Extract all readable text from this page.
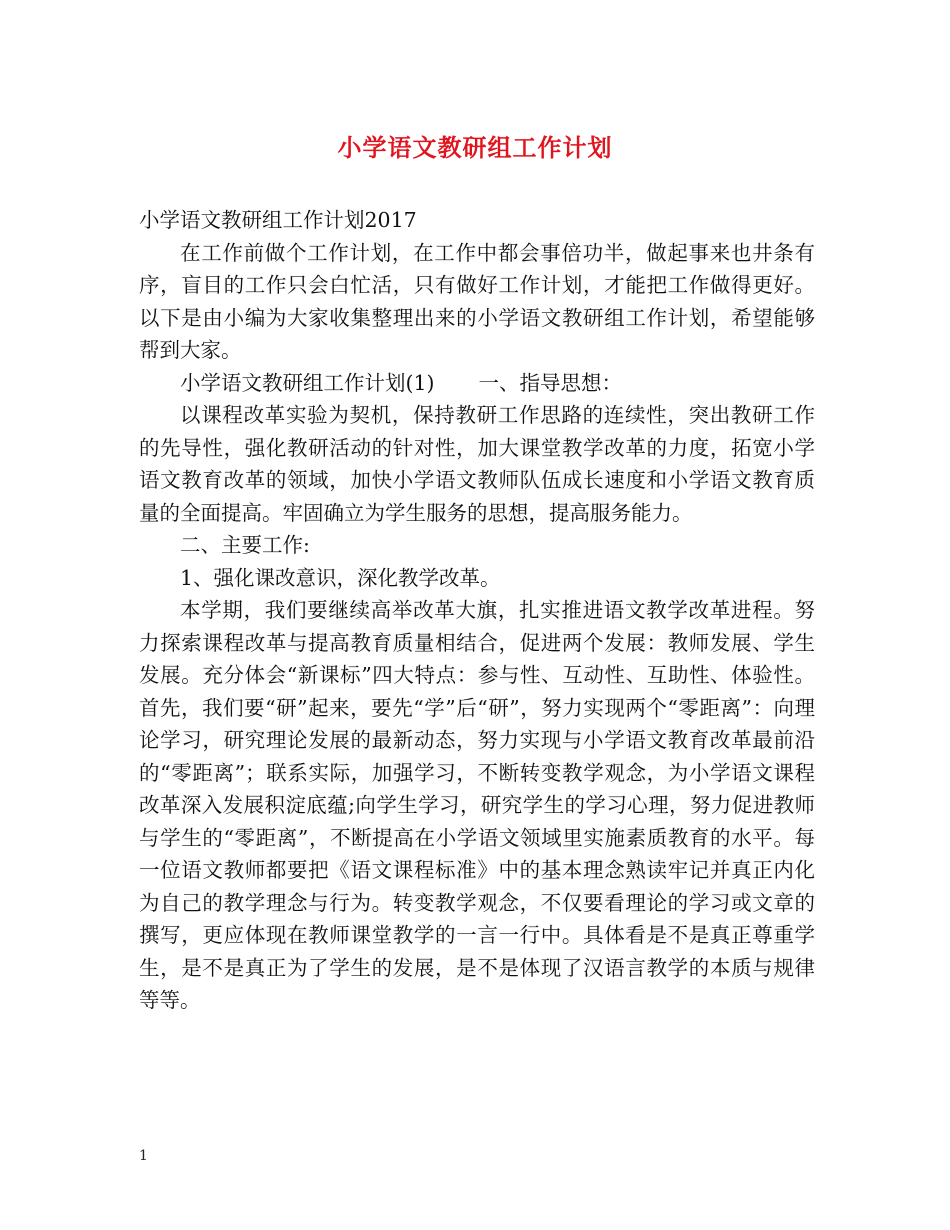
小学语文教研组工作计划

小学语文教研组工作计划2017

在工作前做个工作计划，在工作中都会事倍功半，做起事来也井条有序，盲目的工作只会白忙活，只有做好工作计划，才能把工作做得更好。以下是由小编为大家收集整理出来的小学语文教研组工作计划，希望能够帮到大家。

小学语文教研组工作计划(1) 一、指导思想：

以课程改革实验为契机，保持教研工作思路的连续性，突出教研工作的先导性，强化教研活动的针对性，加大课堂教学改革的力度，拓宽小学语文教育改革的领域，加快小学语文教师队伍成长速度和小学语文教育质量的全面提高。牢固确立为学生服务的思想，提高服务能力。

二、主要工作:

1、强化课改意识，深化教学改革。

本学期，我们要继续高举改革大旗，扎实推进语文教学改革进程。努力探索课程改革与提高教育质量相结合，促进两个发展：教师发展、学生发展。充分体会“新课标”四大特点：参与性、互动性、互助性、体验性。首先，我们要“研”起来，要先“学”后“研”，努力实现两个“零距离”：向理论学习，研究理论发展的最新动态，努力实现与小学语文教育改革最前沿的“零距离”；联系实际，加强学习，不断转变教学观念，为小学语文课程改革深入发展积淀底蕴;向学生学习，研究学生的学习心理，努力促进教师与学生的“零距离”，不断提高在小学语文领域里实施素质教育的水平。每一位语文教师都要把《语文课程标准》中的基本理念熟读牢记并真正内化为自己的教学理念与行为。转变教学观念，不仅要看理论的学习或文章的撰写，更应体现在教师课堂教学的一言一行中。具体看是不是真正尊重学生，是不是真正为了学生的发展，是不是体现了汉语言教学的本质与规律等等。

1
